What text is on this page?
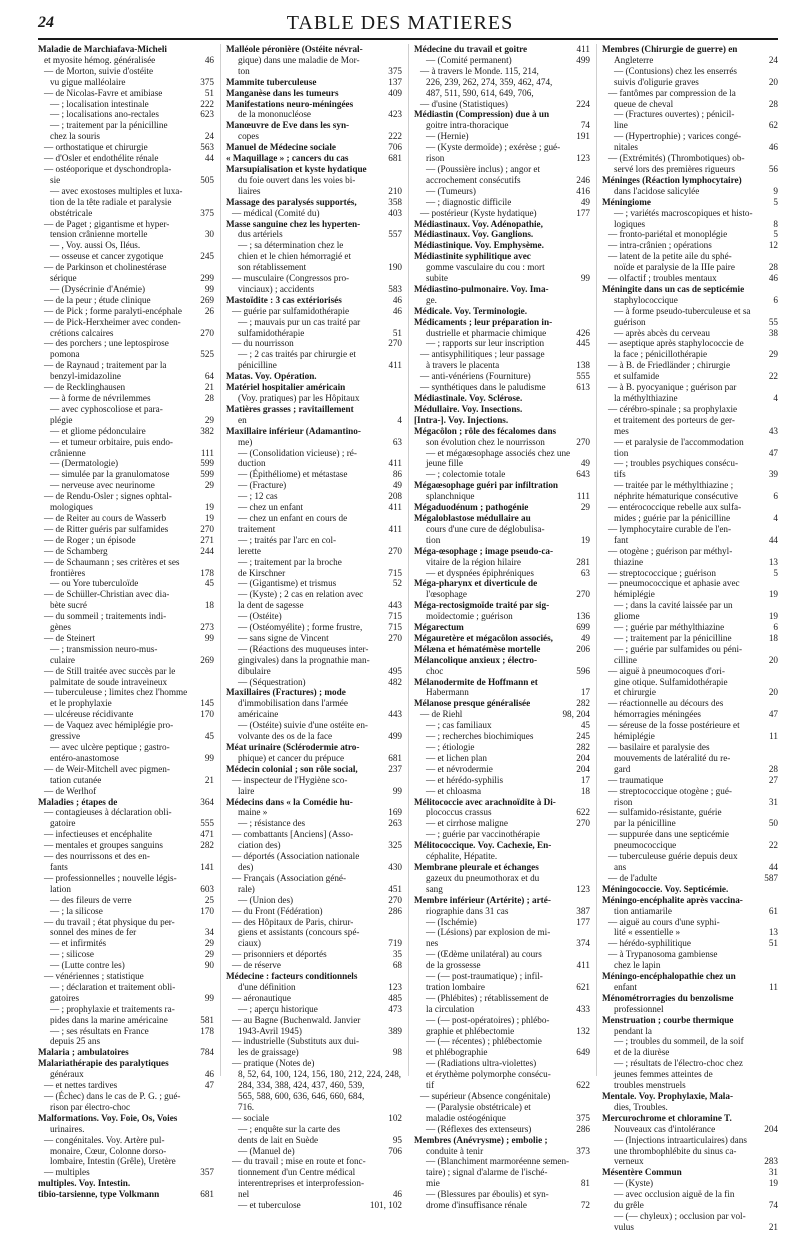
24	TABLE DES MATIERES
Maladie de Marchiafava-Micheli
et myosite hémog. généralisée	46
— de Morton, suivie d'ostéite
vu gigue malléolaire	375
— de Nicolas-Favre et amibiase	51
— ; localisation intestinale	222
— ; localisations ano-rectales	623
— ; traitement par la pénicilline
chez la souris	24
— orthostatique et chirurgie	563
— d'Osler et endothélite rénale	44
— ostéoporique et dyschondropla-
sie	505
— avec exostoses multiples et luxa-
tion de la tête radiale et paralysie
obstétricale	375
— de Paget ; gigantisme et hyper-
tension crânienne mortelle	30
— , Voy. aussi Os, Iléus.
— osseuse et cancer zygotique	245
— de Parkinson et cholinestérase
sérique	299
— (Dysécrinie d'Anémie)	99
— de la peur ; étude clinique	269
— de Pick ; forme paralyti-encéphale 26
— de Pick-Herxheimer avec conden-
crétions calcaires	270
— des porchers ; une leptospirose
pomona	525
— de Raynaud ; traitement par la
benzyl-imidazoline	64
— de Recklinghausen	21
— à forme de névrilemmes	28
— avec cyphoscoliose et para-
plégie	29
— et gliome pédonculaire	382
— et tumeur orbitaire, puis endo-
crânienne	111
— (Dermatologie)	599
— simulée par la granulomatose	599
— nerveuse avec neurinome	29
— de Rendu-Osler ; signes ophtal-
mologiques	19
— de Reiter au cours de Wasserb	19
— de Ritter guéris par sulfamides	270
— de Roger ; un épisode	271
— de Schamberg	244
— de Schaumann ; ses critères et ses
frontières	178
— ou Yore tuberculoïde	45
— de Schüller-Christian avec dia-
bète sucré	18
— du sommeil ; traitements indi-
gènes	273
— de Steinert	99
— ; transmission neuro-mus-
culaire	269
— de Still traitée avec succès par le
palmitate de soude intraveineux
— tuberculeuse ; limites chez l'homme
et le prophylaxie	145
— ulcéreuse récidivante	170
— de Vaquez avec hémiplégie pro-
gressive	45
— avec ulcère peptique ; gastro-
entéro-anastomose	99
— de Weir-Mitchell avec pigmen-
tation cutanée	21
— de Werlhof
Maladies ; étapes de	364
— contagieuses à déclaration obli-
gatoire	555
— infectieuses et encéphalite	471
— mentales et groupes sanguins	282
— des nourrissons et des en-
fants	141
— professionnelles ; nouvelle légis-
lation	603
— des fileurs de verre	25
— ; la silicose	170
— du travail ; état physique du per-
sonnel des mines de fer	34
— et infirmités	29
— ; silicose	29
— (Lutte contre les)	90
— vénériennes ; statistique
— ; déclaration et traitement obli-
gatoires	99
— ; prophylaxie et traitements ra-
pides dans la marine américaine	581
— ; ses résultats en France	178
depuis 25 ans
Malaria ; ambulatoires	784
Malariathérapie des paralytiques
généraux	46
— et nettes tardives	47
— (Échec) dans le cas de P. G. ; gué-
rison par électro-choc
Malformations. Voy. Foie, Os, Voies
urinaires.
— congénitales. Voy. Artère pul-
monaire, Cœur, Colonne dorso-
lombaire, Intestin (Grêle), Uretère
— multiples	357
multiples. Voy. Intestin.
tibio-tarsienne, type Volkmann	681
Malléole péronière (Ostéite névral-
gique) dans une maladie de Mor-
ton	375
Mammite tuberculeuse	137
Manganèse dans les tumeurs	409
Manifestations neuro-méningées
de la mononucléose	423
Manœuvre de Eve dans les syn-
copes	222
Manuel de Médecine sociale	706
« Maquillage » ; cancers du cas	681
Marsupialisation et kyste hydatique
du foie ouvert dans les voies bi-
liaires	210
Massage des paralysés supportés,	358
— médical (Comité du)	403
Masse sanguine chez les hyperten-
dus artériels	557
— ; sa détermination chez le
chien et le chien hémorragié et
son rétablissement	190
— musculaire (Congressos pro-
vinciaux) ; accidents	583
Mastoïdite : 3 cas extériorisés	46
— guérie par sulfamidothérapie	46
— ; mauvais pur un cas traité par
sulfamidothérapie	51
— du nourrisson	270
— ; 2 cas traités par chirurgie et
pénicilline	411
Matas. Voy. Opération.
Matériel hospitalier américain
(Voy. pratiques) par les Hôpitaux
Matières grasses ; ravitaillement
en	4
Maxillaire inférieur (Adamantino-
me)	63
— (Consolidation vicieuse) ; ré-
duction	411
— (Épithéliome) et métastase	86
— (Fracture)	49
— ; 12 cas	208
— chez un enfant	411
— chez un enfant en cours de
traitement	411
— ; traités par l'arc en col-
lerette	270
— ; traitement par la broche
de Kirschner	715
— (Gigantisme) et trismus	52
— (Kyste) ; 2 cas en relation avec
la dent de sagesse	443
— (Ostéite)	715
— (Ostéomyélite) ; forme frustre,	715
— sans signe de Vincent	270
— (Réactions des muqueuses inter-
gingivales) dans la prognathie man-
dibulaire	495
— (Séquestration)	482
Maxillaires (Fractures) ; mode
d'immobilisation dans l'armée
américaine	443
— (Ostéite) suivie d'une ostéite en-
volvante des os de la face	499
Méat urinaire (Sclérodermie atro-
phique) et cancer du prépuce	681
Médecin colonial ; son rôle social,	237
— inspecteur de l'Hygiène sco-
laire	99
Médecins dans « la Comédie hu-
maine »	169
— ; résistance des	263
— combattants [Anciens] (Asso-
ciation des)	325
— déportés (Association nationale
des)	430
— Français (Association géné-
rale)	451
— (Union des)	270
— du Front (Fédération)	286
— des Hôpitaux de Paris, chirur-
giens et assistants (concours spé-
ciaux)	719
— prisonniers et déportés	35
— de réserve	68
Médecine : facteurs conditionnels
d'une définition	123
— aéronautique	485
— ; aperçu historique	473
— au Bagne (Buchenwald. Janvier
1943-Avril 1945)	389
— industrielle (Substituts aux dui-
les de graissage)	98
— pratique (Notes de)
8, 52, 64, 100, 124, 156, 180, 212, 224, 248,
284, 334, 388, 424, 437, 460, 539,
565, 588, 600, 636, 646, 660, 684,
716.
— sociale	102
— ; enquête sur la carte des
dents de lait en Suède	95
— (Manuel de)	706
— du travail ; mise en route et fonc-
tionnement d'un Centre médical
interentreprises et interprofession-
nel	46
— et tuberculose	101, 102
Médecine du travail et goitre	411
— (Comité permanent)	499
— à travers le Monde. 115, 214,
226, 239, 262, 274, 359, 462, 474,
487, 511, 590, 614, 649, 706,
— d'usine (Statistiques)	224
Médiastin (Compression) due à un
goitre intra-thoracique	74
— (Hernie)	191
— (Kyste dermoïde) ; exérèse ; gué-
rison	123
— (Poussière inclus) ; angor et
accrochement consécutifs	246
— (Tumeurs)	416
— ; diagnostic difficile	49
— postérieur (Kyste hydatique)	177
Médiastinaux. Voy. Adénopathie,
Médiastinaux. Voy. Ganglions.
Médiastinique. Voy. Emphysème.
Médiastinite syphilitique avec
gomme vasculaire du cou : mort
subite	99
Médiastino-pulmonaire. Voy. Ima-
ge.
Médicale. Voy. Terminologie.
Médicaments ; leur préparation in-
dustrielle et pharmacie chimique	426
— ; rapports sur leur inscription	445
— antisyphilitiques ; leur passage
à travers le placenta	138
— anti-vénériens (Fourniture)	555
— synthétiques dans le paludisme	613
Médiastinale. Voy. Sclérose.
Médullaire. Voy. Insections.
[Intra-]. Voy. Injections.
Mégacôlon ; rôle des fécalomes dans
son évolution chez le nourrisson	270
— et mégaœsophage associés chez une
jeune fille	49
— ; colectomie totale	643
Mégaœsophage guéri par infiltration
splanchnique	111
Mégaduodénum ; pathogénie	29
Mégaloblastose médullaire au
cours d'une cure de déglobulisa-
tion	19
Méga-œsophage ; image pseudo-ca-
vitaire de la région hilaire	281
— et dyspnées épiphréniques	63
Méga-pharynx et diverticule de
l'œsophage	270
Méga-rectosigmoïde traité par sig-
moïdectomie ; guérison	136
Mégarectum	699
Mégauretère et mégacôlon associés,	49
Mélæna et hématémèse mortelle	206
Mélancolique anxieux ; électro-
choc	596
Mélanodermite de Hoffmann et
Habermann	17
Mélanose presque généralisée	282
— de Riehl	98, 204
— ; cas familiaux	45
— ; recherches biochimiques	245
— ; étiologie	282
— et lichen plan	204
— et névrodermie	204
— et hérédo-syphilis	17
— et chloasma	18
Mélitococcie avec arachnoïdite à Di-
plococcus crassus	622
— et cirrhose maligne	270
— ; guérie par vaccinothérapie
Mélitococcique. Voy. Cachexie, En-
céphalite, Hépatite.
Membrane pleurale et échanges
gazeux du pneumothorax et du
sang	123
Membre inférieur (Artérite) ; arté-
riographie dans 31 cas	387
— (Ischémie)	177
— (Lésions) par explosion de mi-
nes	374
— (Œdème unilatéral) au cours
de la grossesse	411
— (— post-traumatique) ; infil-
tration lombaire	621
— (Phlébites) ; rétablissement de
la circulation	433
— (— post-opératoires) ; phlébo-
graphie et phlébectomie	132
— (— récentes) ; phlébectomie
et phlébographie	649
— (Radiations ultra-violettes)
et érythème polymorphe consécu-
tif	622
— supérieur (Absence congénitale)
— (Paralysie obstétricale) et
maladie ostéogénique	375
— (Réflexes des extenseurs)	286
Membres (Anévrysme) ; embolie ;
conduite à tenir	373
— (Blanchiment marmoréenne semen-
taire) ; signal d'alarme de l'isché-
mie	81
— (Blessures par éboulis) et syn-
drome d'insuffisance rénale	72
Membres (Chirurgie de guerre) en
Angleterre	24
— (Contusions) chez les enserrés
suivis d'oligurie graves	20
— fantômes par compression de la
queue de cheval	28
— (Fractures ouvertes) ; pénicil-
line	62
— (Hypertrophie) ; varices congé-
nitales	46
— (Extrémités) (Thrombotiques) ob-
servé lors des premières rigueurs	56
Méninges (Réaction lymphocytaire)
dans l'acidose salicylée	9
Méningiome	5
— ; variétés macroscopiques et histo-
logiques	8
— fronto-pariétal et monoplégie	5
— intra-crânien ; opérations	12
— latent de la petite aile du sphé-
noïde et paralysie de la IIIe paire	28
— olfactif ; troubles mentaux	46
Méningite dans un cas de septicémie
staphylococcique	6
— à forme pseudo-tuberculeuse et sa
guérison	55
— après abcès du cerveau	38
— aseptique après staphylococcie de
la face ; pénicillothérapie	29
— à B. de Friedländer ; chirurgie
et sulfamide	22
— à B. pyocyanique ; guérison par
la méthylthiazine	4
— cérébro-spinale ; sa prophylaxie
et traitement des porteurs de ger-
mes	43
— et paralysie de l'accommodation
tion	47
— ; troubles psychiques consécu-
tifs	39
— traitée par le méthylthiazine ;
néphrite hématurique consécutive	6
— entérococcique rebelle aux sulfa-
mides ; guérie par la pénicilline	4
— lymphocytaire curable de l'en-
fant	44
— otogène ; guérison par méthyl-
thiazine	13
— streptococcique ; guérison	5
— pneumococcique et aphasie avec
hémiplégie	19
— ; dans la cavité laissée par un
gliome	19
— ; guérie par méthylthiazine	6
— ; traitement par la pénicilline	18
— ; guérie par sulfamides ou péni-
cilline	20
— aiguë à pneumocoques d'ori-
gine otique. Sulfamidothérapie
et chirurgie	20
— réactionnelle au décours des
hémorragies méningées	47
— séreuse de la fosse postérieure et
hémiplégie	11
— basilaire et paralysie des
mouvements de latéralité du re-
gard	28
— traumatique	27
— streptococcique otogène ; gué-
rison	31
— sulfamido-résistante, guérie
par la pénicilline	50
— suppurée dans une septicémie
pneumococcique	22
— tuberculeuse guérie depuis deux
ans	44
— de l'adulte	587
Méningococcie. Voy. Septicémie.
Méningo-encéphalite après vaccina-
tion antiamarile	61
— aiguë au cours d'une syphi-
lité « essentielle »	13
— hérédo-syphilitique	51
— à Trypanosoma gambiense
chez le lapin
Méningo-encéphalopathie chez un
enfant	11
Ménométrorragies du benzolisme
professionnel
Menstruation ; courbe thermique
pendant la
— ; troubles du sommeil, de la soif
et de la diurèse
— ; résultats de l'électro-choc chez
jeunes femmes atteintes de
troubles menstruels
Mentale. Voy. Prophylaxie, Mala-
dies, Troubles.
Mercurochrome et chloramine T.
Nouveaux cas d'intolérance	204
— (Injections intraarticulaires) dans
une thrombophlébite du sinus ca-
verneux	283
Mésentère Commun	31
— (Kyste)	19
— avec occlusion aiguë de la fin
du grêle	74
— (— chyleux) ; occlusion par vol-
vulus	21
